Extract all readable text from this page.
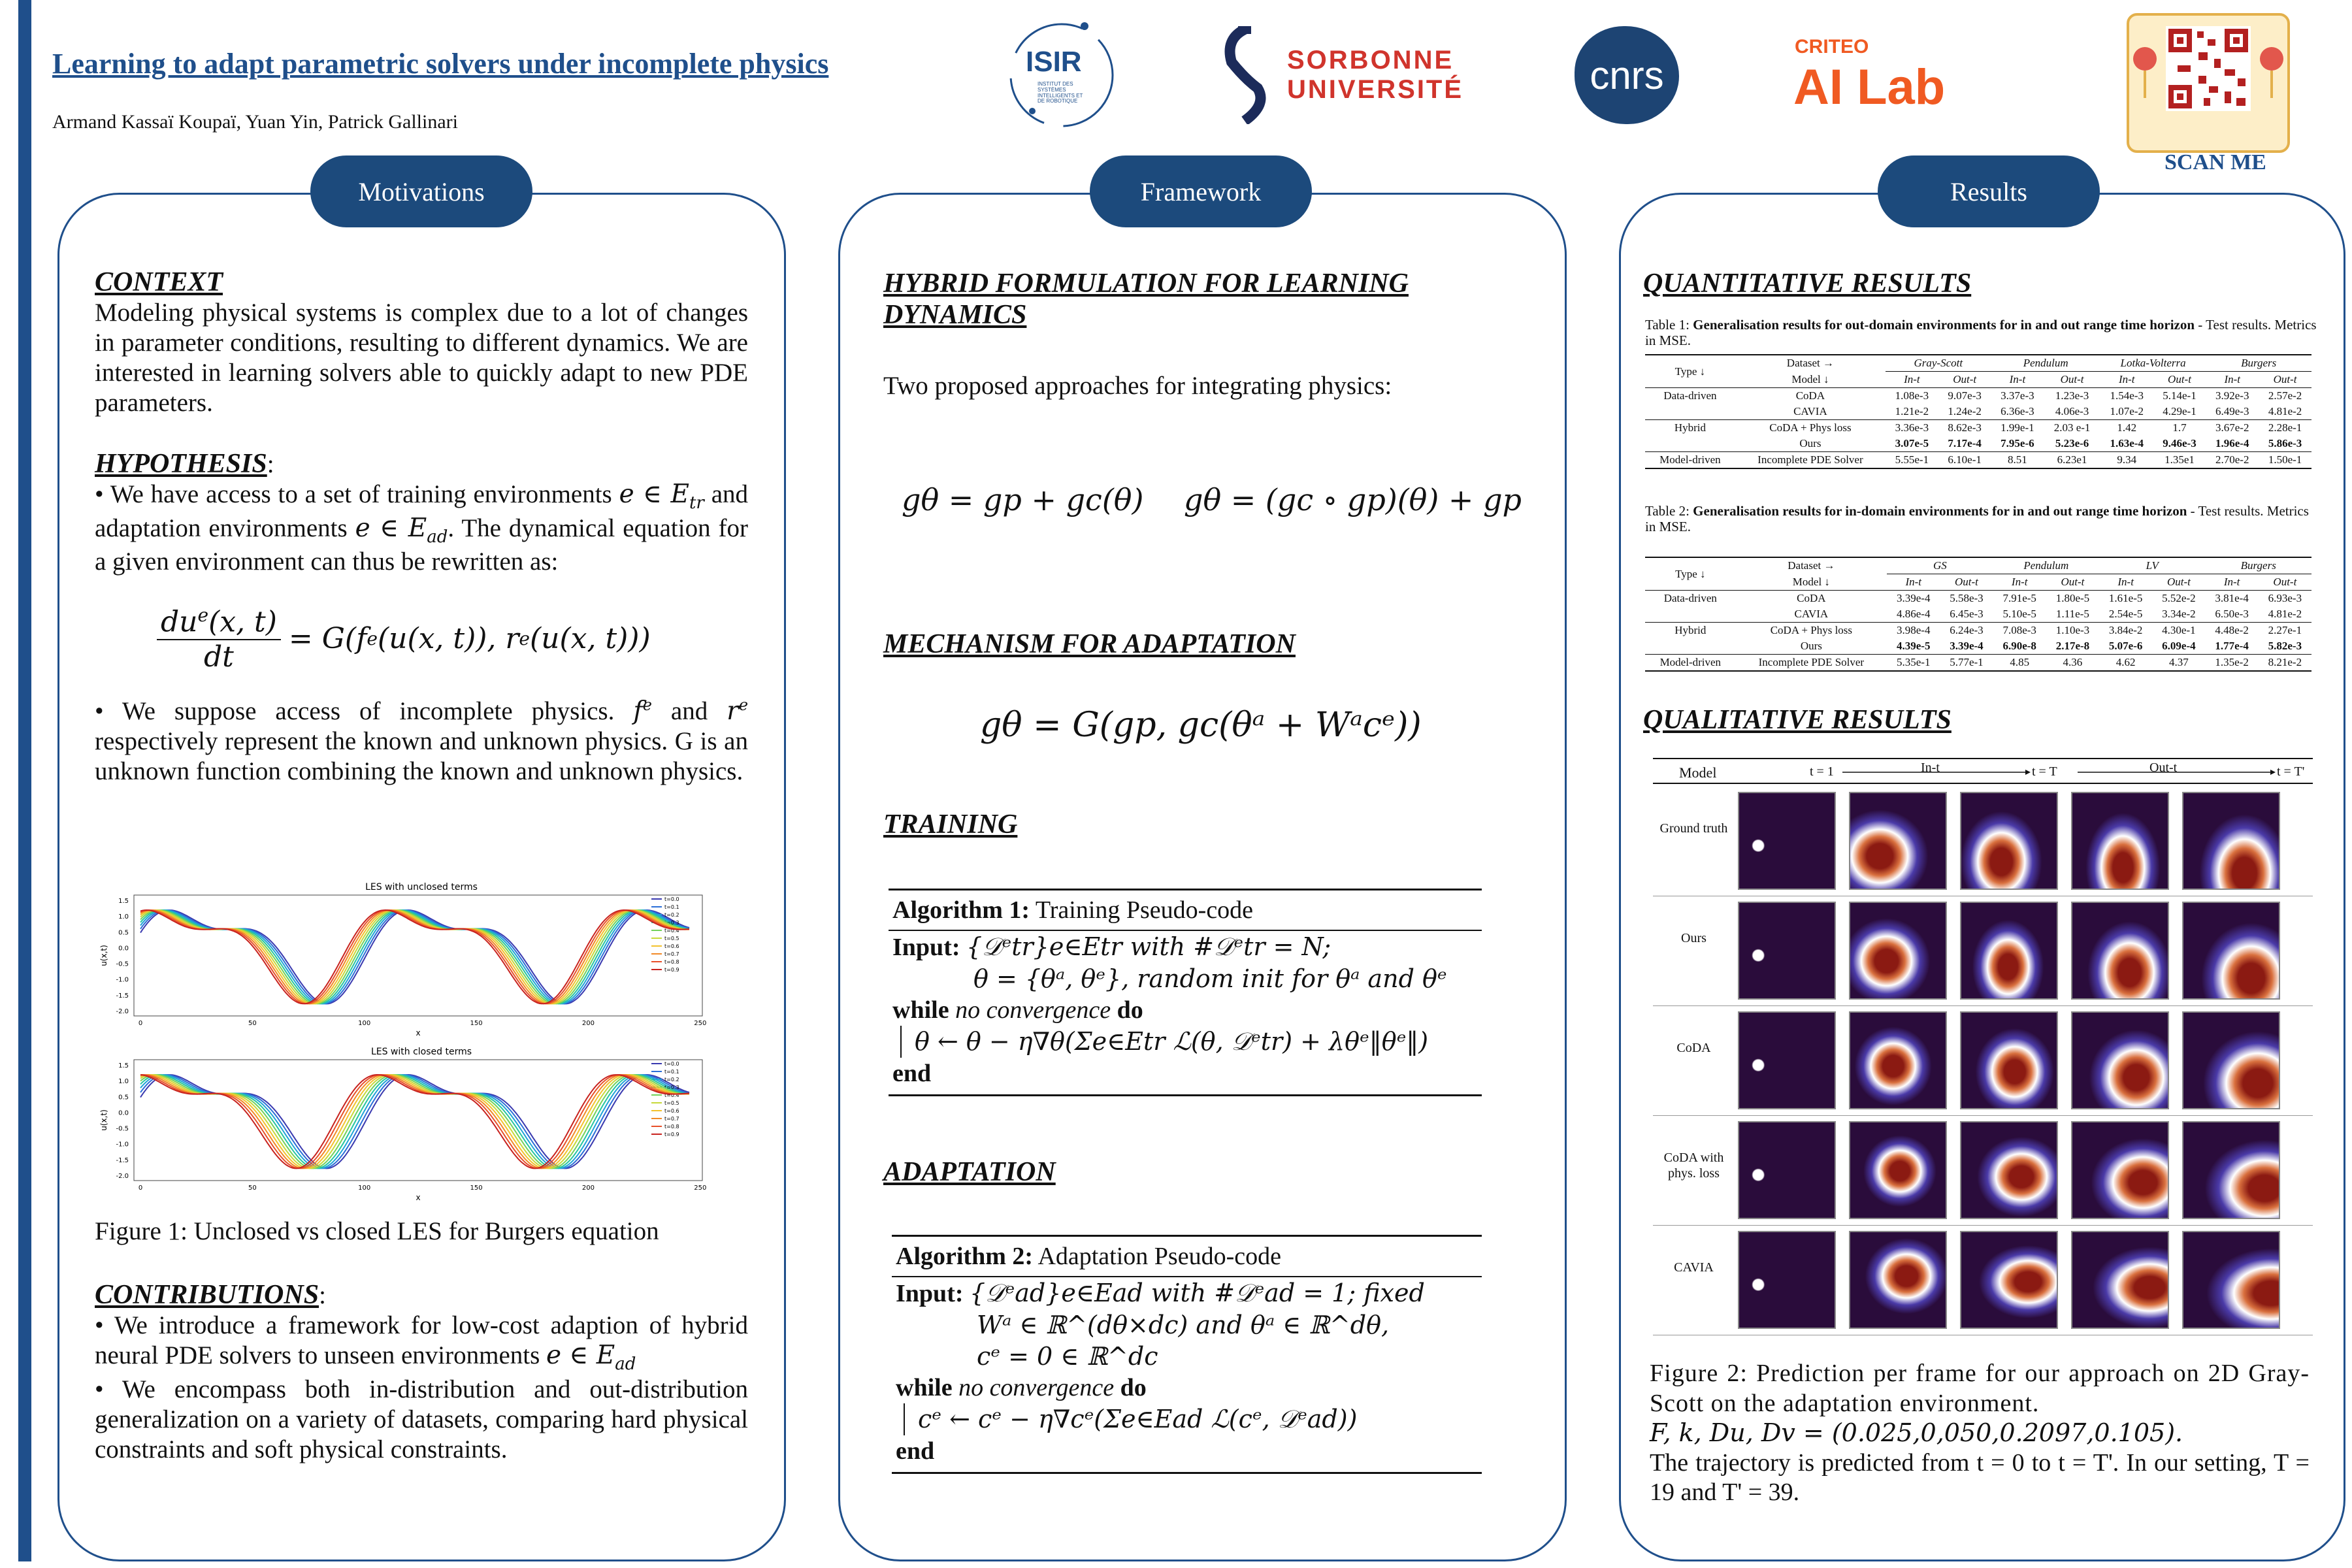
Learning to adapt parametric solvers under incomplete physics
Armand Kassaï Koupaï, Yuan Yin, Patrick Gallinari
ISIR
INSTITUT DES SYSTÈMES INTELLIGENTS ET DE ROBOTIQUE
SORBONNE
UNIVERSITÉ	cnrs
CRITEO
AI Lab
SCAN ME
Motivations	Framework	Results
CONTEXT
Modeling physical systems is complex due to a lot of changes in parameter conditions, resulting to different dynamics. We are interested in learning solvers able to quickly adapt to new PDE parameters.
HYPOTHESIS:
• We have access to a set of training environments e ∈ $E_{tr}$ and adaptation environments e ∈ $E_{ad}$. The dynamical equation for a given environment can thus be rewritten as:
$du^e(x$, t)
dt
= G(f e (u(x, t)), r e (u(x, t)))
• We suppose access of incomplete physics. $f^e$ and $r^e$ respectively represent the known and unknown physics. G is an unknown function combining the known and unknown physics.
LES with unclosed terms
1.5
1.0
0.5
0.0
-0.5
-1.0
-1.5
-2.0
0	50	100	150	200	250
x
u(x,t)
t=0.0
t=0.1
t=0.2
t=0.3
t=0.4
t=0.5
t=0.6
t=0.7
t=0.8
t=0.9
LES with closed terms
1.5
1.0
0.5
0.0
-0.5
-1.0
-1.5
-2.0
0	50	100	150	200	250
x
u(x,t)
t=0.0
t=0.1
t=0.2
t=0.3
t=0.4
t=0.5
t=0.6
t=0.7
t=0.8
t=0.9
Figure 1: Unclosed vs closed LES for Burgers equation
CONTRIBUTIONS:
• We introduce a framework for low-cost adaption of hybrid neural PDE solvers to unseen environments e ∈ $E_{ad}$
• We encompass both in-distribution and out-distribution generalization on a variety of datasets, comparing hard physical constraints and soft physical constraints.
HYBRID FORMULATION FOR LEARNING DYNAMICS
Two proposed approaches for integrating physics:
gθ = gp + gc(θ) gθ = (gc ∘ gp)(θ) + gp
MECHANISM FOR ADAPTATION
gθ = G(gp, gc(θᵃ + Wᵃcᵉ))
TRAINING
Algorithm 1: Training Pseudo-code
Input: {𝒟ᵉtr}e∈Etr with #𝒟ᵉtr = N;
θ = {θᵃ, θᵉ}, random init for θᵃ and θᵉ
while no convergence do
θ ← θ − η∇θ(Σe∈Etr ℒ(θ, 𝒟ᵉtr) + λθᵉ‖θᵉ‖)
end
ADAPTATION
Algorithm 2: Adaptation Pseudo-code
Input: {𝒟ᵉad}e∈Ead with #𝒟ᵉad = 1; fixed
Wᵃ ∈ ℝ^(dθ×dc) and θᵃ ∈ ℝ^dθ,
cᵉ = 0 ∈ ℝ^dc
while no convergence do
cᵉ ← cᵉ − η∇cᵉ(Σe∈Ead ℒ(cᵉ, 𝒟ᵉad))
end
QUANTITATIVE RESULTS
Table 1: Generalisation results for out-domain environments for in and out range time horizon - Test results. Metrics in MSE.
Type ↓	Dataset →	Gray-Scott		Pendulum		Lotka-Volterra		Burgers	
	Model ↓	In-t	Out-t	In-t	Out-t	In-t	Out-t	In-t	Out-t
Data-driven	CoDA	1.08e-3	9.07e-3	3.37e-3	1.23e-3	1.54e-3	5.14e-1	3.92e-3	2.57e-2
	CAVIA	1.21e-2	1.24e-2	6.36e-3	4.06e-3	1.07e-2	4.29e-1	6.49e-3	4.81e-2
Hybrid	CoDA + Phys loss	3.36e-3	8.62e-3	1.99e-1	2.03 e-1	1.42	1.7	3.67e-2	2.28e-1
	Ours	3.07e-5	7.17e-4	7.95e-6	5.23e-6	1.63e-4	9.46e-3	1.96e-4	5.86e-3
Model-driven	Incomplete PDE Solver	5.55e-1	6.10e-1	8.51	6.23e1	9.34	1.35e1	2.70e-2	1.50e-1
Table 2: Generalisation results for in-domain environments for in and out range time horizon - Test results. Metrics in MSE.
Type ↓	Dataset →	GS		Pendulum		LV		Burgers	
	Model ↓	In-t	Out-t	In-t	Out-t	In-t	Out-t	In-t	Out-t
Data-driven	CoDA	3.39e-4	5.58e-3	7.91e-5	1.80e-5	1.61e-5	5.52e-2	3.81e-4	6.93e-3
	CAVIA	4.86e-4	6.45e-3	5.10e-5	1.11e-5	2.54e-5	3.34e-2	6.50e-3	4.81e-2
Hybrid	CoDA + Phys loss	3.98e-4	6.24e-3	7.08e-3	1.10e-3	3.84e-2	4.30e-1	4.48e-2	2.27e-1
	Ours	4.39e-5	3.39e-4	6.90e-8	2.17e-8	5.07e-6	6.09e-4	1.77e-4	5.82e-3
Model-driven	Incomplete PDE Solver	5.35e-1	5.77e-1	4.85	4.36	4.62	4.37	1.35e-2	8.21e-2
QUALITATIVE RESULTS
Model	t = 1	In-t	t = T	Out-t	t = T'
Ground truth
Ours
CoDA
CoDA with phys. loss
CAVIA
Figure 2: Prediction per frame for our approach on 2D Gray-Scott on the adaptation environment.
F, k, Du, Dv = (0.025,0,050,0.2097,0.105).
The trajectory is predicted from t = 0 to t = T'. In our setting, T = 19 and T' = 39.
